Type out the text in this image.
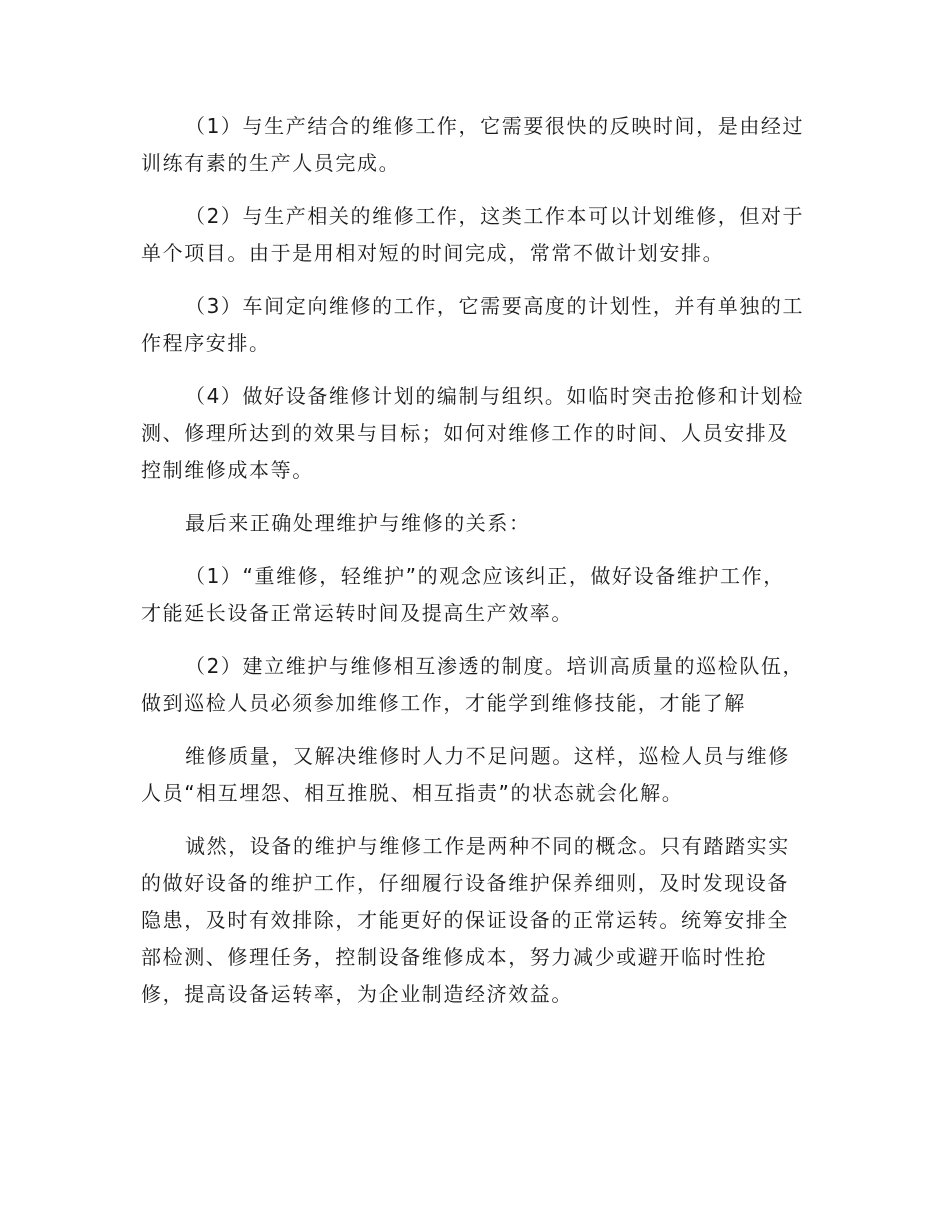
（1）与生产结合的维修工作，它需要很快的反映时间，是由经过
训练有素的生产人员完成。

（2）与生产相关的维修工作，这类工作本可以计划维修，但对于
单个项目。由于是用相对短的时间完成，常常不做计划安排。

（3）车间定向维修的工作，它需要高度的计划性，并有单独的工
作程序安排。

（4）做好设备维修计划的编制与组织。如临时突击抢修和计划检
测、修理所达到的效果与目标；如何对维修工作的时间、人员安排及
控制维修成本等。

最后来正确处理维护与维修的关系：

（1）“重维修，轻维护”的观念应该纠正，做好设备维护工作，
才能延长设备正常运转时间及提高生产效率。

（2）建立维护与维修相互渗透的制度。培训高质量的巡检队伍，
做到巡检人员必须参加维修工作，才能学到维修技能，才能了解

维修质量，又解决维修时人力不足问题。这样，巡检人员与维修
人员“相互埋怨、相互推脱、相互指责”的状态就会化解。

诚然，设备的维护与维修工作是两种不同的概念。只有踏踏实实
的做好设备的维护工作，仔细履行设备维护保养细则，及时发现设备
隐患，及时有效排除，才能更好的保证设备的正常运转。统筹安排全
部检测、修理任务，控制设备维修成本，努力减少或避开临时性抢
修，提高设备运转率，为企业制造经济效益。
